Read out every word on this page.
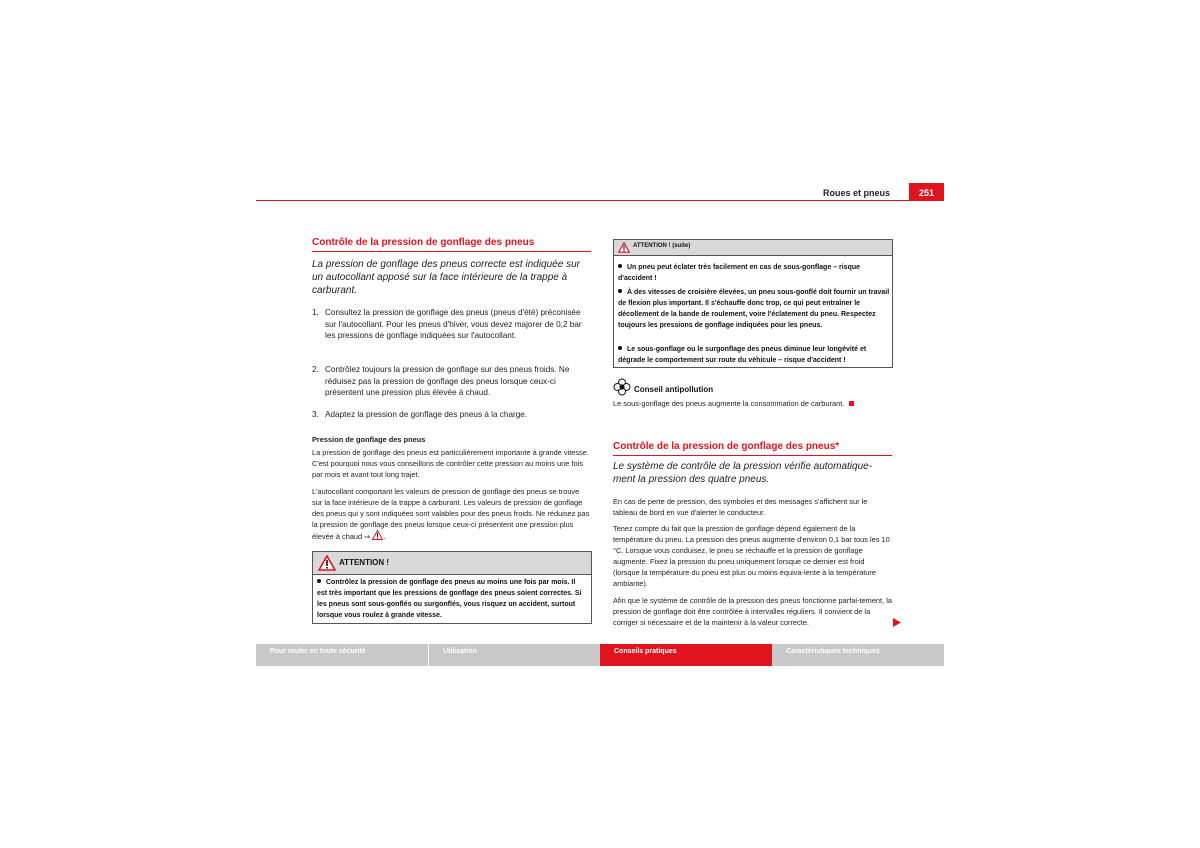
Roues et pneus	251
Contrôle de la pression de gonflage des pneus
La pression de gonflage des pneus correcte est indiquée sur un autocollant apposé sur la face intérieure de la trappe à carburant.
1. Consultez la pression de gonflage des pneus (pneus d'été) préconisée sur l'autocollant. Pour les pneus d'hiver, vous devez majorer de 0,2 bar les pressions de gonflage indiquées sur l'autocollant.
2. Contrôlez toujours la pression de gonflage sur des pneus froids. Ne réduisez pas la pression de gonflage des pneus lorsque ceux-ci présentent une pression plus élevée à chaud.
3. Adaptez la pression de gonflage des pneus à la charge.
Pression de gonflage des pneus
La pression de gonflage des pneus est particulièrement importante à grande vitesse. C'est pourquoi nous vous conseillons de contrôler cette pression au moins une fois par mois et avant tout long trajet.
L'autocollant comportant les valeurs de pression de gonflage des pneus se trouve sur la face intérieure de la trappe à carburant. Les valeurs de pression de gonflage des pneus qui y sont indiquées sont valables pour des pneus froids. Ne réduisez pas la pression de gonflage des pneus lorsque ceux-ci présentent une pression plus élevée à chaud ⇒ .
ATTENTION !
Contrôlez la pression de gonflage des pneus au moins une fois par mois. Il est très important que les pressions de gonflage des pneus soient correctes. Si les pneus sont sous-gonflés ou surgonflés, vous risquez un accident, surtout lorsque vous roulez à grande vitesse.
ATTENTION ! (suite)
Un pneu peut éclater très facilement en cas de sous-gonflage – risque d'accident !
À des vitesses de croisière élevées, un pneu sous-gonflé doit fournir un travail de flexion plus important. Il s'échauffe donc trop, ce qui peut entraîner le décollement de la bande de roulement, voire l'éclatement du pneu. Respectez toujours les pressions de gonflage indiquées pour les pneus.
Le sous-gonflage ou le surgonflage des pneus diminue leur longévité et dégrade le comportement sur route du véhicule – risque d'accident !
Conseil antipollution
Le sous-gonflage des pneus augmente la consommation de carburant.
Contrôle de la pression de gonflage des pneus*
Le système de contrôle de la pression vérifie automatique-ment la pression des quatre pneus.
En cas de perte de pression, des symboles et des messages s'affichent sur le tableau de bord en vue d'alerter le conducteur.
Tenez compte du fait que la pression de gonflage dépend également de la température du pneu. La pression des pneus augmente d'environ 0,1 bar tous les 10 °C. Lorsque vous conduisez, le pneu se réchauffe et la pression de gonflage augmente. Fixez la pression du pneu uniquement lorsque ce dernier est froid (lorsque la température du pneu est plus ou moins équiva-lente à la température ambiante).
Afin que le système de contrôle de la pression des pneus fonctionne parfai-tement, la pression de gonflage doit être contrôlée à intervalles réguliers. Il convient de la corriger si nécessaire et de la maintenir à la valeur correcte.
Pour rouler en toute sécurité	Utilisation	Conseils pratiques	Caractéristiques techniques
